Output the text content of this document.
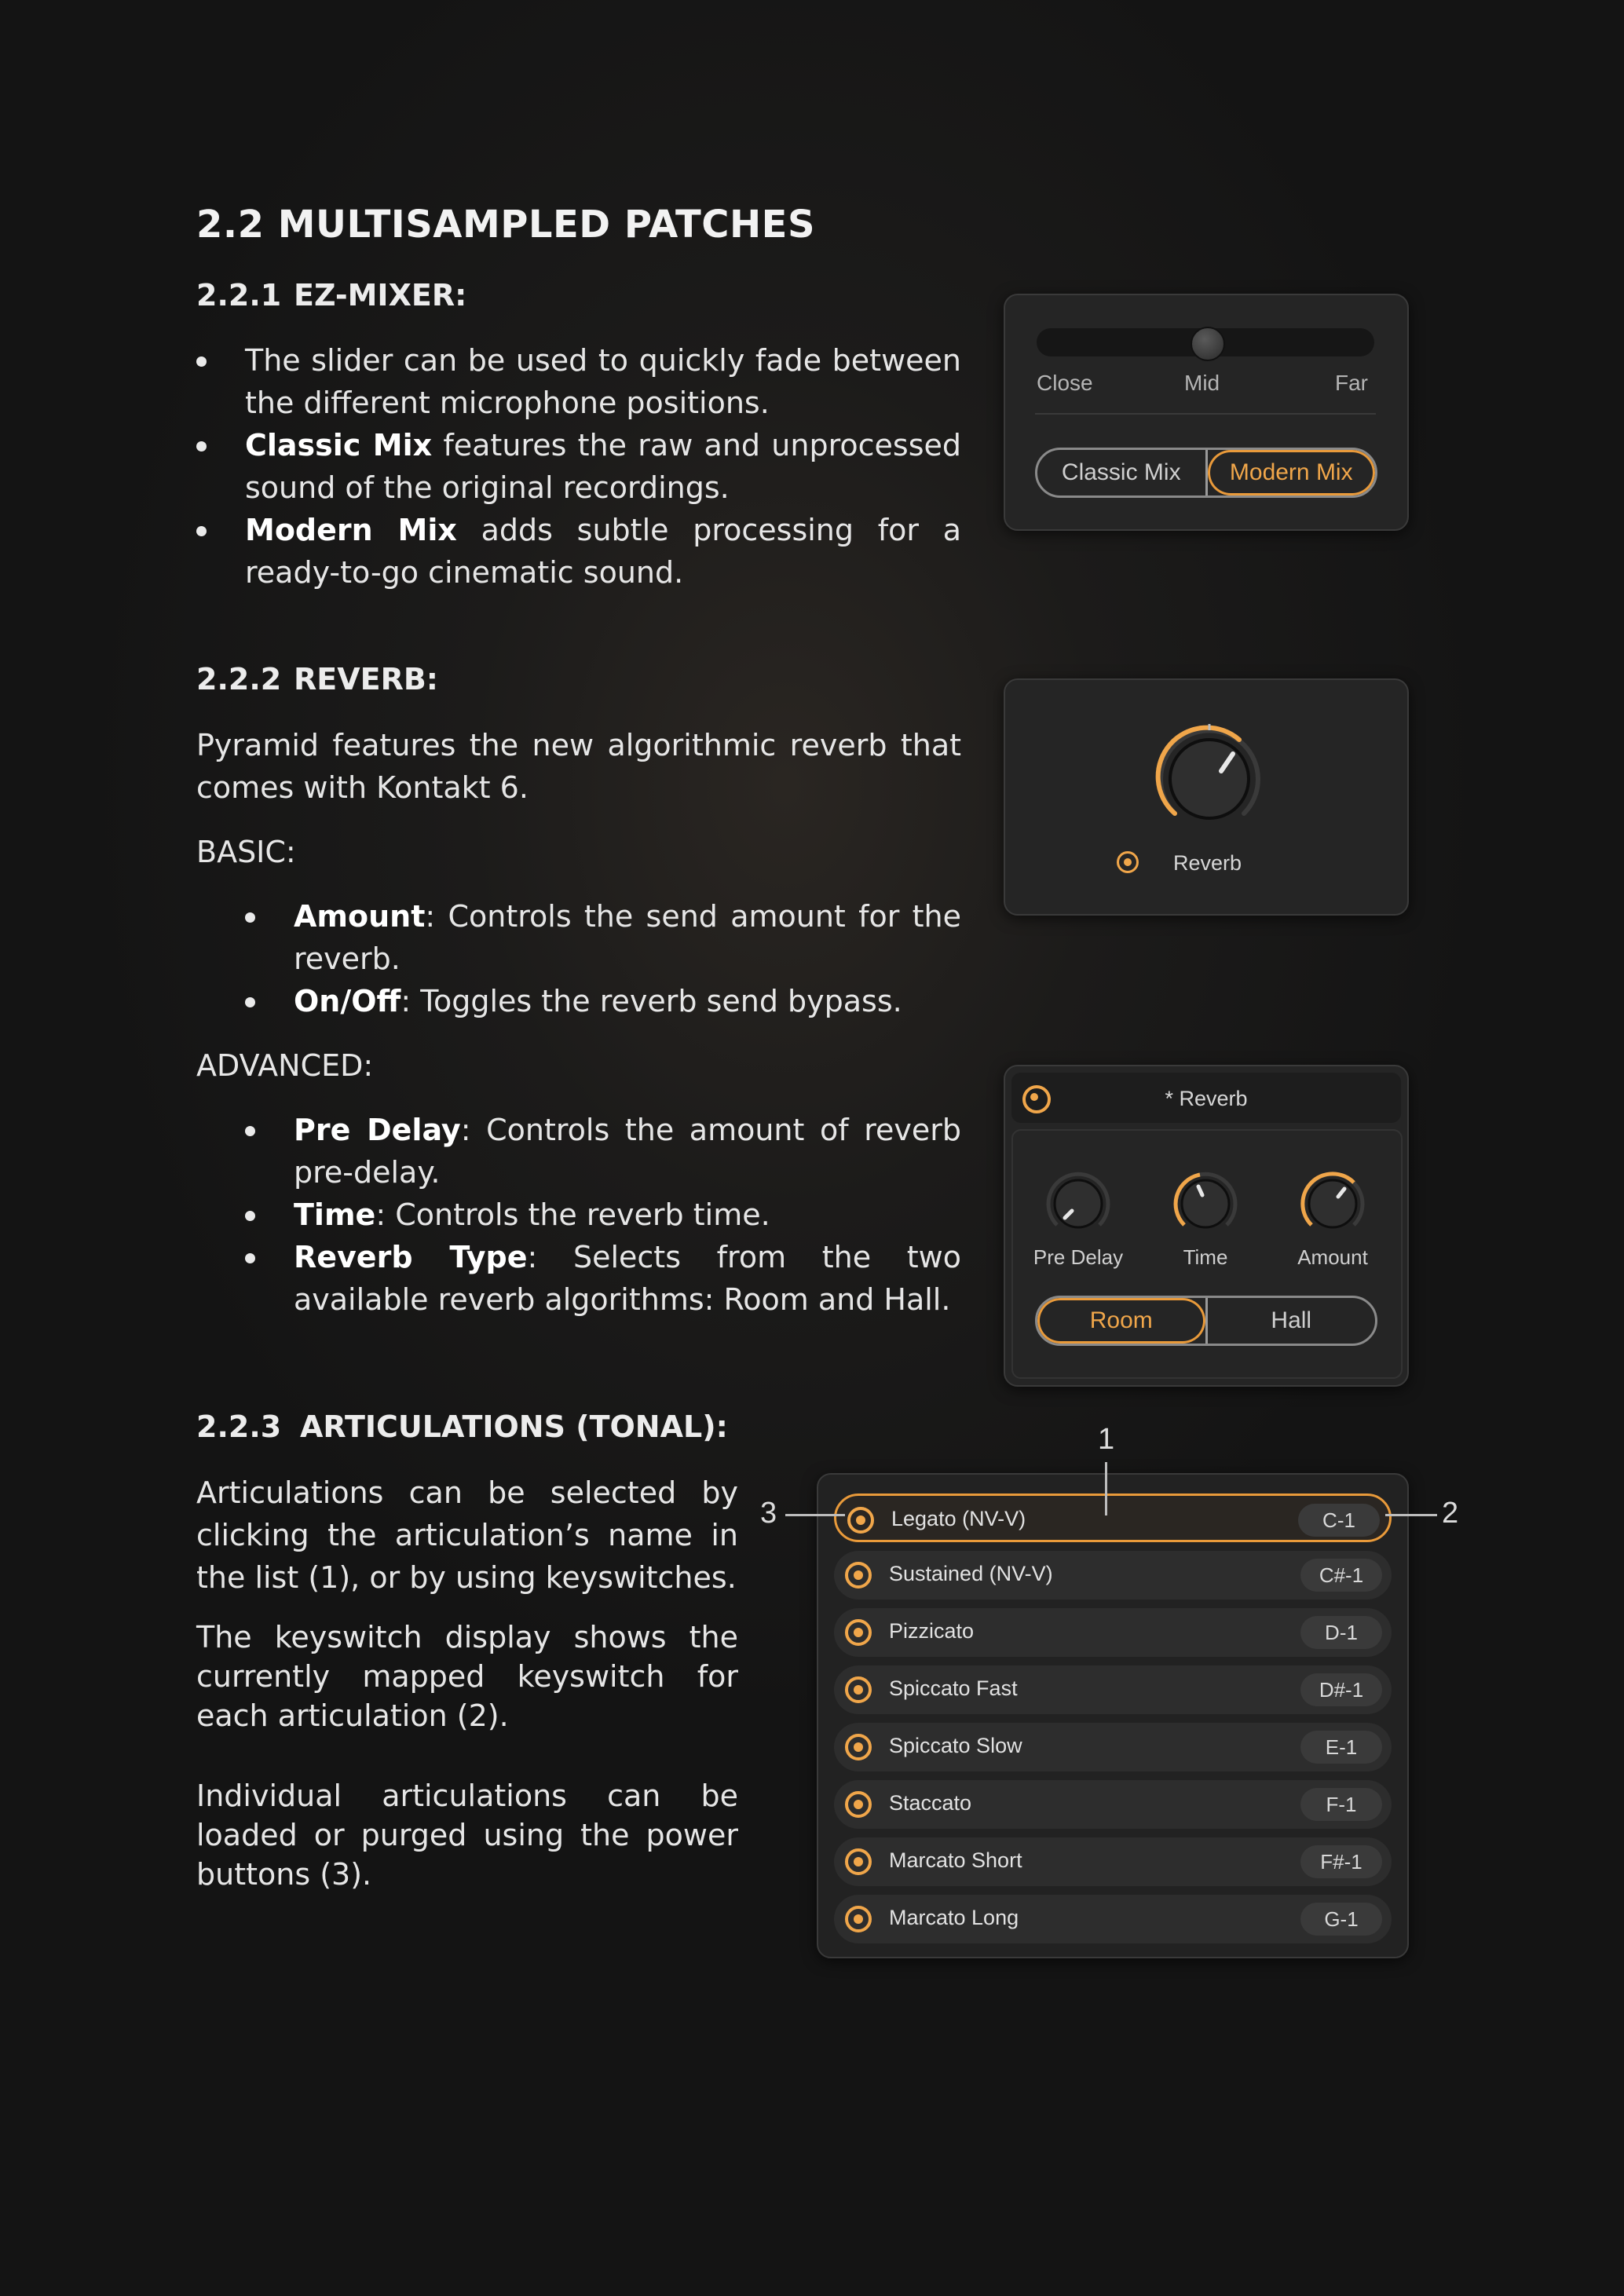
2.2 MULTISAMPLED PATCHES
2.2.1 EZ-MIXER:
The slider can be used to quickly fade between the different microphone positions.
Classic Mix features the raw and unprocessed sound of the original recordings.
Modern Mix adds subtle processing for a ready-to-go cinematic sound.
Close	Mid	Far
Classic Mix	Modern Mix
2.2.2 REVERB:
Pyramid features the new algorithmic reverb that comes with Kontakt 6.
BASIC:
Amount: Controls the send amount for the reverb.
On/Off: Toggles the reverb send bypass.
ADVANCED:
Pre Delay: Controls the amount of reverb pre-delay.
Time: Controls the reverb time.
Reverb Type: Selects from the two available reverb algorithms: Room and Hall.
Reverb
* Reverb
Pre Delay	Time	Amount
Room	Hall
2.2.3 ARTICULATIONS (TONAL):
Articulations can be selected by clicking the articulation’s name in the list (1), or by using keyswitches.
The keyswitch display shows the currently mapped keyswitch for each articulation (2).
Individual articulations can be loaded or purged using the power buttons (3).
Legato (NV-V)	C-1
Sustained (NV-V)	C#-1
Pizzicato	D-1
Spiccato Fast	D#-1
Spiccato Slow	E-1
Staccato	F-1
Marcato Short	F#-1
Marcato Long	G-1
1
2
3
